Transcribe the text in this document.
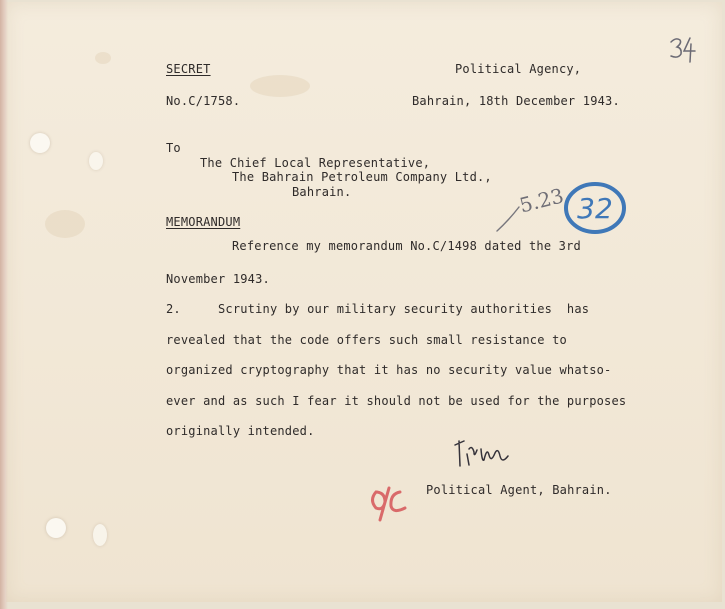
SECRET	Political Agency,
No.C/1758.	Bahrain, 18th December 1943.
To
The Chief Local Representative,
The Bahrain Petroleum Company Ltd.,
Bahrain.	5.23 32
MEMORANDUM
Reference my memorandum No.C/1498 dated the 3rd
November 1943.
2.     Scrutiny by our military security authorities  has
revealed that the code offers such small resistance to
organized cryptography that it has no security value whatso-
ever and as such I fear it should not be used for the purposes
originally intended.
Political Agent, Bahrain.
